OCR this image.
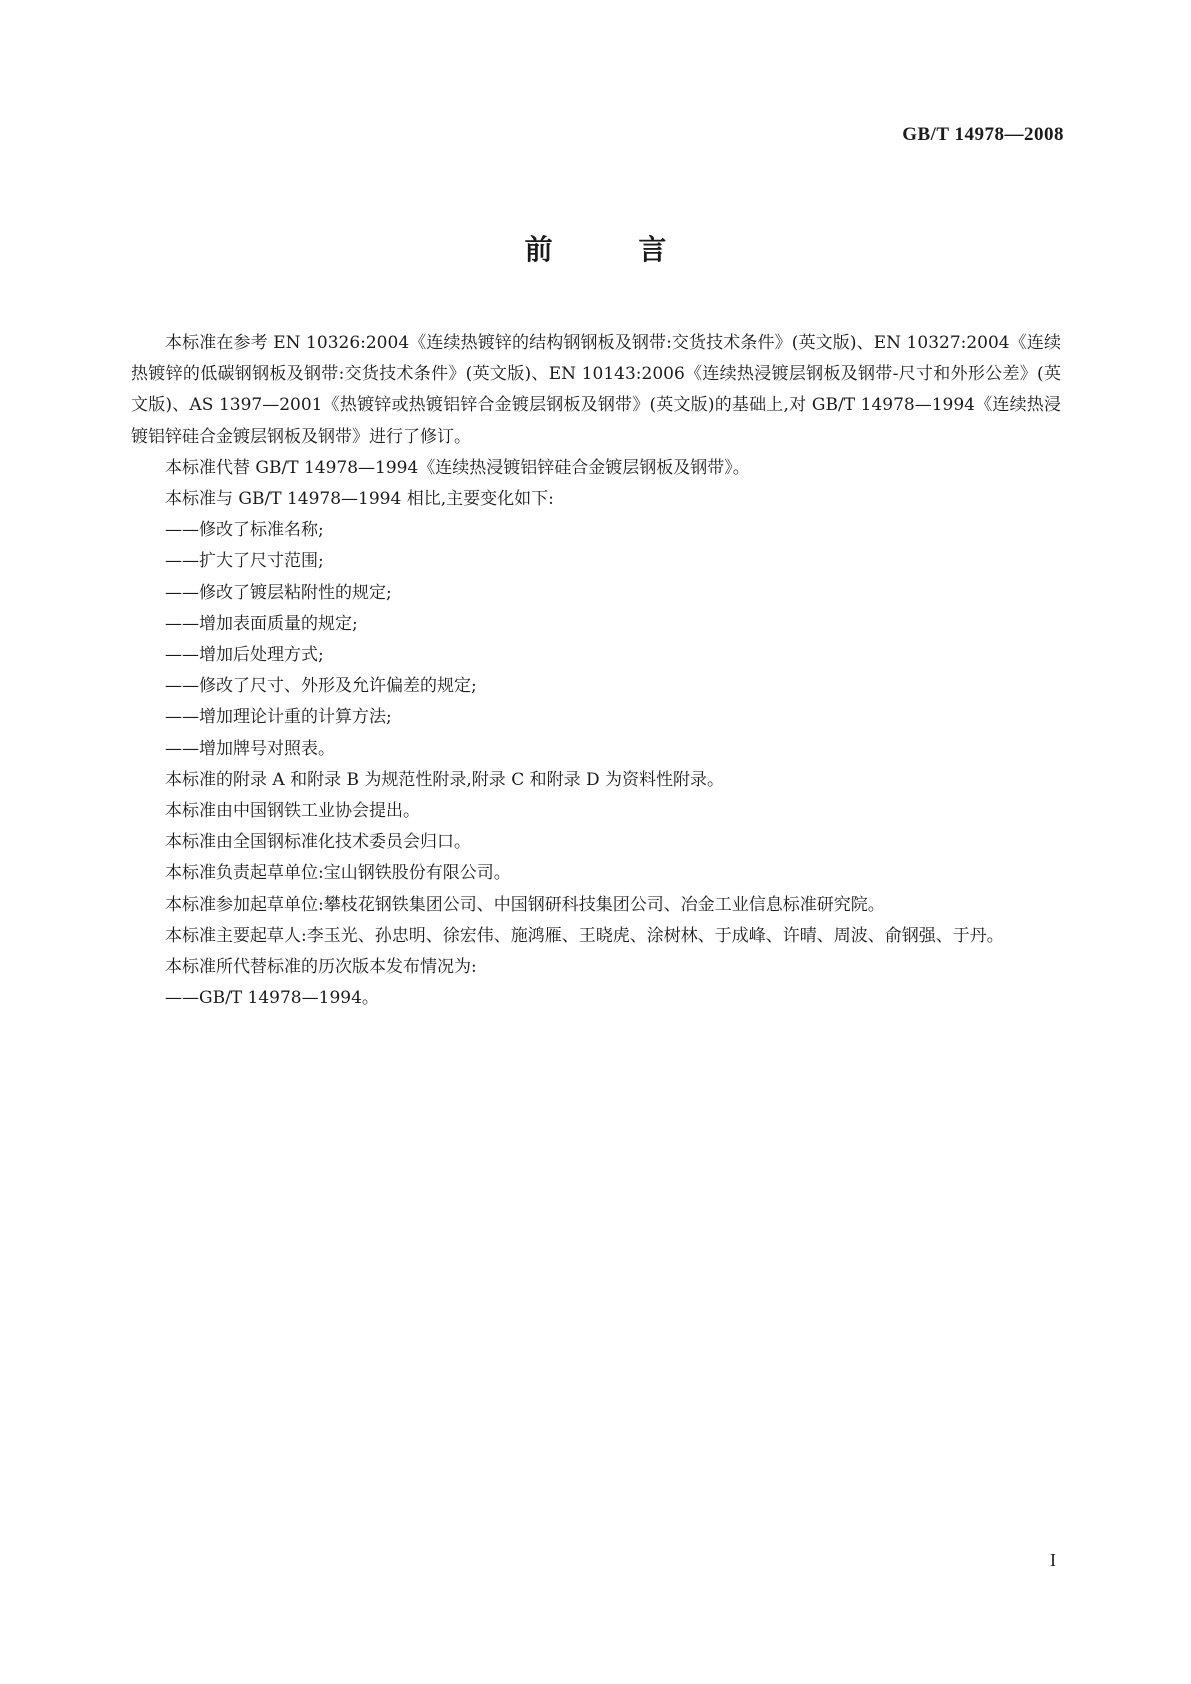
GB/T 14978—2008
前 言

本标准在参考 EN 10326:2004《连续热镀锌的结构钢钢板及钢带:交货技术条件》(英文版)、EN 10327:2004《连续热镀锌的低碳钢钢板及钢带:交货技术条件》(英文版)、EN 10143:2006《连续热浸镀层钢板及钢带-尺寸和外形公差》(英文版)、AS 1397—2001《热镀锌或热镀铝锌合金镀层钢板及钢带》(英文版)的基础上,对 GB/T 14978—1994《连续热浸镀铝锌硅合金镀层钢板及钢带》进行了修订。

本标准代替 GB/T 14978—1994《连续热浸镀铝锌硅合金镀层钢板及钢带》。

本标准与 GB/T 14978—1994 相比,主要变化如下:

——修改了标准名称;

——扩大了尺寸范围;

——修改了镀层粘附性的规定;

——增加表面质量的规定;

——增加后处理方式;

——修改了尺寸、外形及允许偏差的规定;

——增加理论计重的计算方法;

——增加牌号对照表。

本标准的附录 A 和附录 B 为规范性附录,附录 C 和附录 D 为资料性附录。

本标准由中国钢铁工业协会提出。

本标准由全国钢标准化技术委员会归口。

本标准负责起草单位:宝山钢铁股份有限公司。

本标准参加起草单位:攀枝花钢铁集团公司、中国钢研科技集团公司、冶金工业信息标准研究院。

本标准主要起草人:李玉光、孙忠明、徐宏伟、施鸿雁、王晓虎、涂树林、于成峰、许晴、周波、俞钢强、于丹。

本标准所代替标准的历次版本发布情况为:

——GB/T 14978—1994。

I
